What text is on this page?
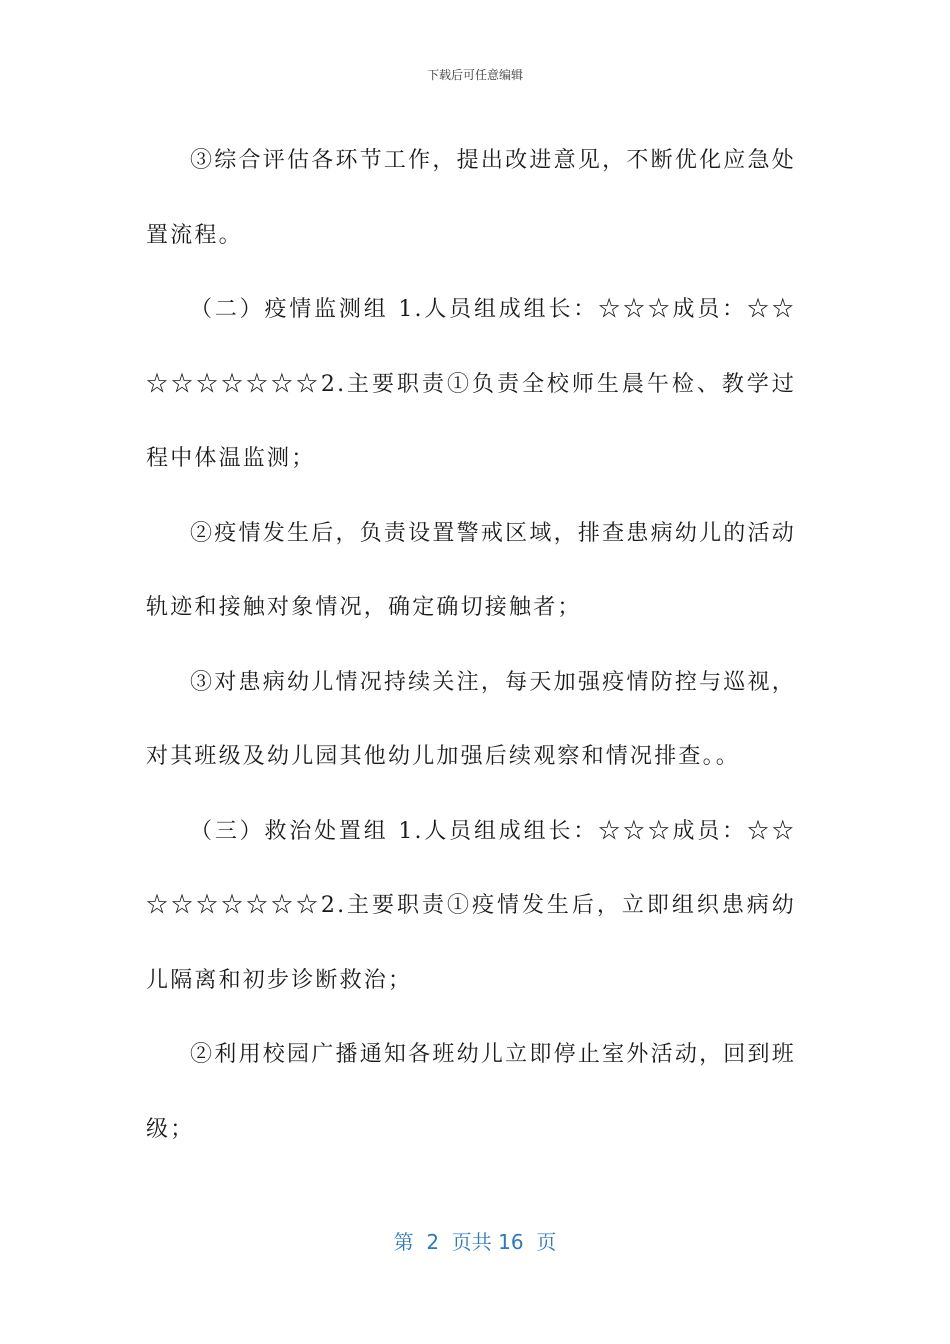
下载后可任意编辑

③综合评估各环节工作，提出改进意见，不断优化应急处置流程。

（二）疫情监测组 1.人员组成组长：☆☆☆成员：☆☆☆☆☆☆☆☆☆2.主要职责①负责全校师生晨午检、教学过程中体温监测；

②疫情发生后，负责设置警戒区域，排查患病幼儿的活动轨迹和接触对象情况，确定确切接触者；

③对患病幼儿情况持续关注，每天加强疫情防控与巡视，对其班级及幼儿园其他幼儿加强后续观察和情况排查。。

（三）救治处置组 1.人员组成组长：☆☆☆成员：☆☆☆☆☆☆☆☆☆2.主要职责①疫情发生后，立即组织患病幼儿隔离和初步诊断救治；

②利用校园广播通知各班幼儿立即停止室外活动，回到班级；

第  2  页共 16  页
